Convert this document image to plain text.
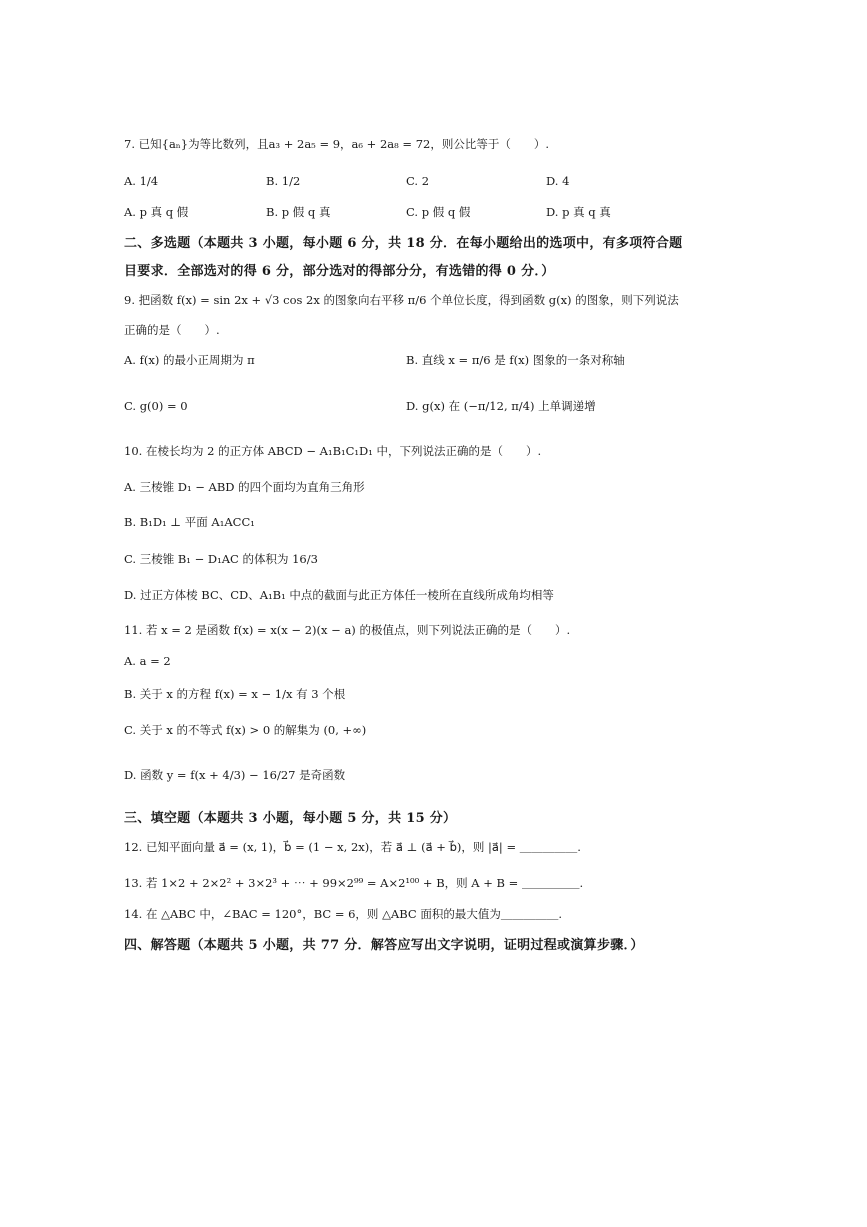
7. 已知{aₙ}为等比数列，且a₃ + 2a₅ = 9，a₆ + 2a₈ = 72，则公比等于（　　）.
A. 1/4	B. 1/2	C. 2	D. 4
A. p 真 q 假	B. p 假 q 真	C. p 假 q 假	D. p 真 q 真
二、多选题（本题共 3 小题，每小题 6 分，共 18 分．在每小题给出的选项中，有多项符合题
目要求．全部选对的得 6 分，部分选对的得部分分，有选错的得 0 分．）
9. 把函数 f(x) = sin 2x + √3 cos 2x 的图象向右平移 π/6 个单位长度，得到函数 g(x) 的图象，则下列说法
正确的是（　　）.
A. f(x) 的最小正周期为 π	B. 直线 x = π/6 是 f(x) 图象的一条对称轴
C. g(0) = 0	D. g(x) 在 (−π/12, π/4) 上单调递增
10. 在棱长均为 2 的正方体 ABCD − A₁B₁C₁D₁ 中，下列说法正确的是（　　）.
A. 三棱锥 D₁ − ABD 的四个面均为直角三角形
B. B₁D₁ ⊥ 平面 A₁ACC₁
C. 三棱锥 B₁ − D₁AC 的体积为 16/3
D. 过正方体棱 BC、CD、A₁B₁ 中点的截面与此正方体任一棱所在直线所成角均相等
11. 若 x = 2 是函数 f(x) = x(x − 2)(x − a) 的极值点，则下列说法正确的是（　　）.
A. a = 2
B. 关于 x 的方程 f(x) = x − 1/x 有 3 个根
C. 关于 x 的不等式 f(x) > 0 的解集为 (0, +∞)
D. 函数 y = f(x + 4/3) − 16/27 是奇函数
三、填空题（本题共 3 小题，每小题 5 分，共 15 分）
12. 已知平面向量 a⃗ = (x, 1)，b⃗ = (1 − x, 2x)，若 a⃗ ⊥ (a⃗ + b⃗)，则 |a⃗| = ＿＿＿＿＿.
13. 若 1×2 + 2×2² + 3×2³ + ⋯ + 99×2⁹⁹ = A×2¹⁰⁰ + B，则 A + B = ＿＿＿＿＿.
14. 在 △ABC 中，∠BAC = 120°，BC = 6，则 △ABC 面积的最大值为＿＿＿＿＿.
四、解答题（本题共 5 小题，共 77 分．解答应写出文字说明，证明过程或演算步骤．）
